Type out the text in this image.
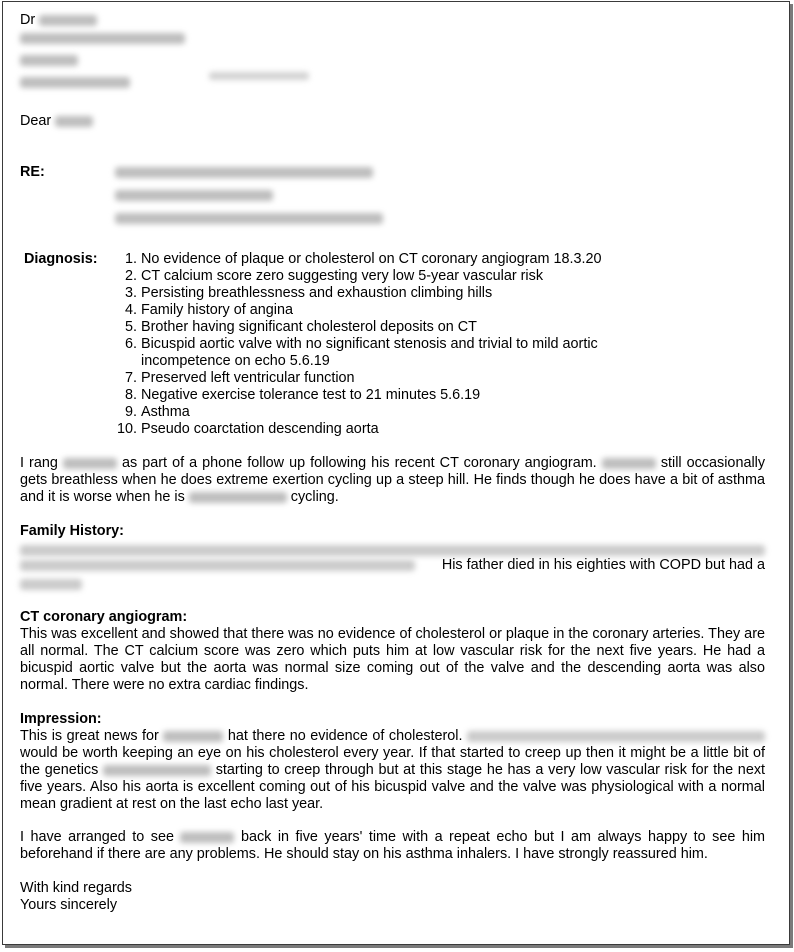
Dr
Dear
RE:
Diagnosis:	1. No evidence of plaque or cholesterol on CT coronary angiogram 18.3.20
2. CT calcium score zero suggesting very low 5-year vascular risk
3. Persisting breathlessness and exhaustion climbing hills
4. Family history of angina
5. Brother having significant cholesterol deposits on CT
6. Bicuspid aortic valve with no significant stenosis and trivial to mild aortic incompetence on echo 5.6.19
7. Preserved left ventricular function
8. Negative exercise tolerance test to 21 minutes 5.6.19
9. Asthma
10. Pseudo coarctation descending aorta
I rang	as part of a phone follow up following his recent CT coronary angiogram.	still occasionally gets breathless when he does extreme exertion cycling up a steep hill. He finds though he does have a bit of asthma and it is worse when he is	cycling.
Family History:
His father died in his eighties with COPD but had a
CT coronary angiogram:
This was excellent and showed that there was no evidence of cholesterol or plaque in the coronary arteries. They are all normal. The CT calcium score was zero which puts him at low vascular risk for the next five years. He had a bicuspid aortic valve but the aorta was normal size coming out of the valve and the descending aorta was also normal. There were no extra cardiac findings.
Impression:
This is great news for	hat there no evidence of cholesterol.  would be worth keeping an eye on his cholesterol every year. If that started to creep up then it might be a little bit of the genetics	starting to creep through but at this stage he has a very low vascular risk for the next five years. Also his aorta is excellent coming out of his bicuspid valve and the valve was physiological with a normal mean gradient at rest on the last echo last year.
I have arranged to see	back in five years' time with a repeat echo but I am always happy to see him beforehand if there are any problems. He should stay on his asthma inhalers. I have strongly reassured him.
With kind regards
Yours sincerely
